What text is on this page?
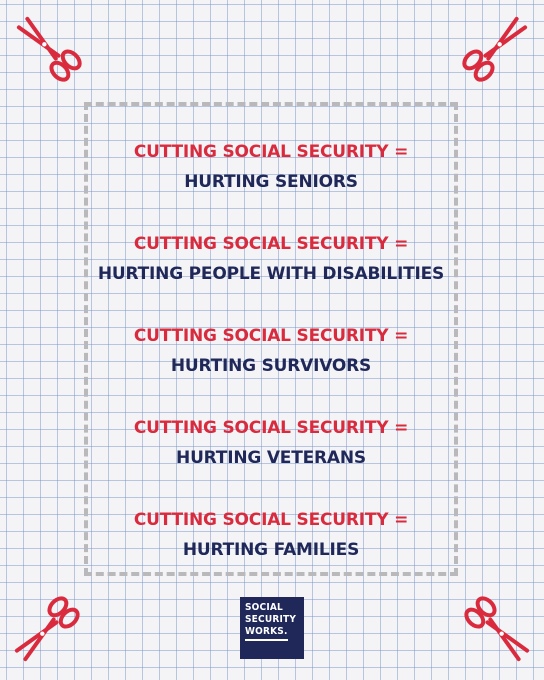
CUTTING SOCIAL SECURITY =
HURTING SENIORS
CUTTING SOCIAL SECURITY =
HURTING PEOPLE WITH DISABILITIES
CUTTING SOCIAL SECURITY =
HURTING SURVIVORS
CUTTING SOCIAL SECURITY =
HURTING VETERANS
CUTTING SOCIAL SECURITY =
HURTING FAMILIES
SOCIAL
SECURITY
WORKS.
